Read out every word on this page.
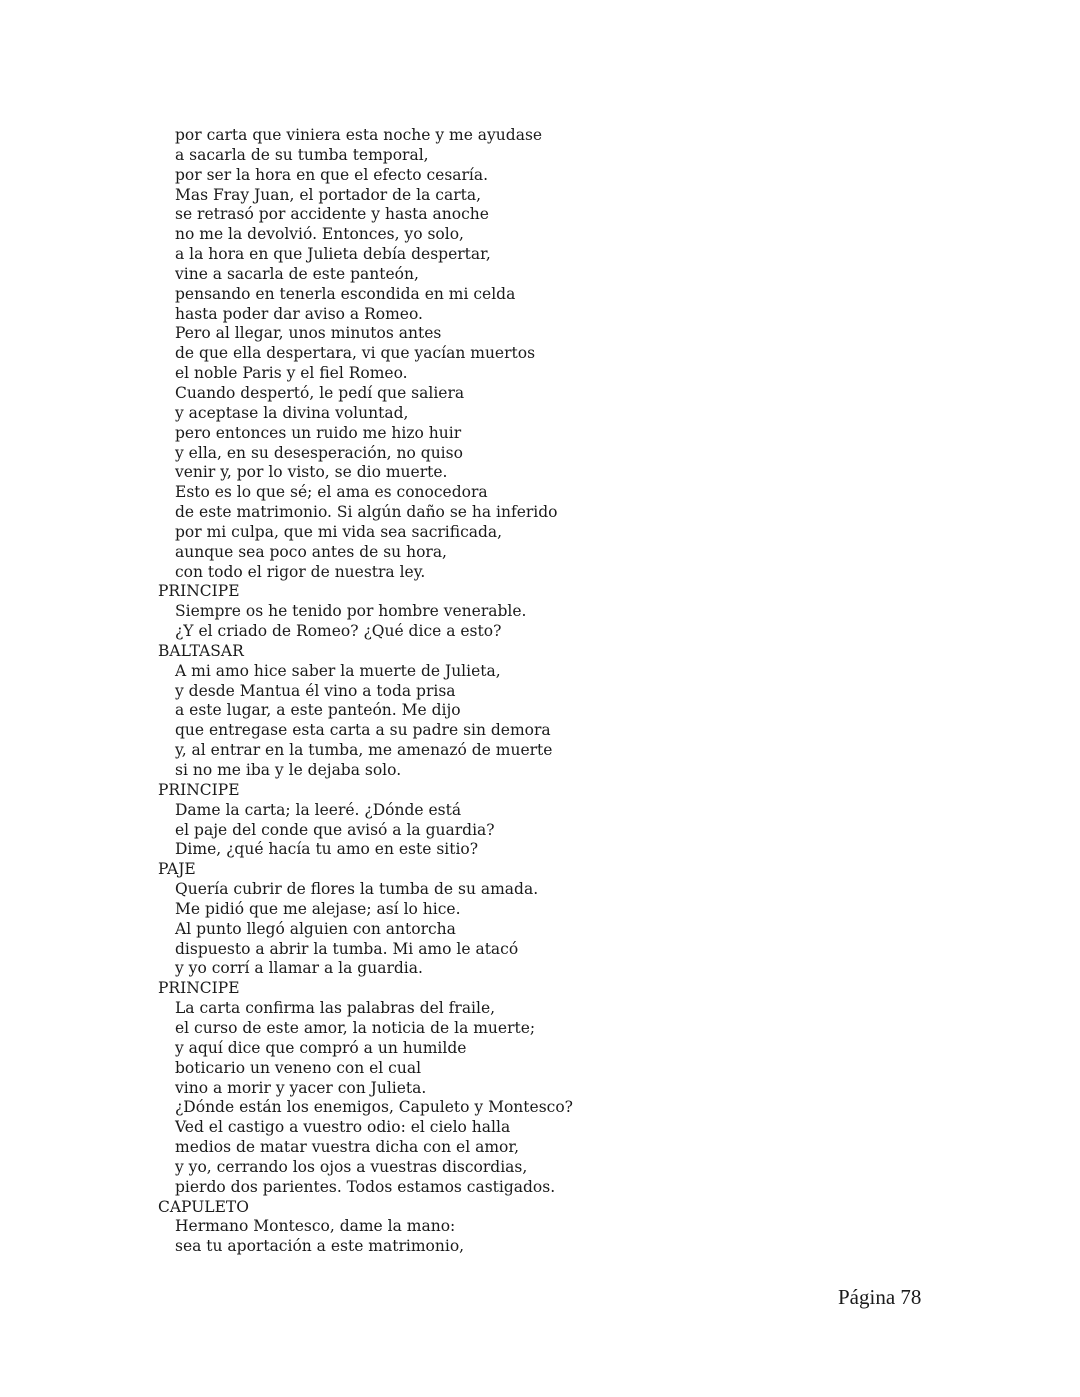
por carta que viniera esta noche y me ayudase
a sacarla de su tumba temporal,
por ser la hora en que el efecto cesaría.
Mas Fray Juan, el portador de la carta,
se retrasó por accidente y hasta anoche
no me la devolvió. Entonces, yo solo,
a la hora en que Julieta debía despertar,
vine a sacarla de este panteón,
pensando en tenerla escondida en mi celda
hasta poder dar aviso a Romeo.
Pero al llegar, unos minutos antes
de que ella despertara, vi que yacían muertos
el noble Paris y el fiel Romeo.
Cuando despertó, le pedí que saliera
y aceptase la divina voluntad,
pero entonces un ruido me hizo huir
y ella, en su desesperación, no quiso
venir y, por lo visto, se dio muerte.
Esto es lo que sé; el ama es conocedora
de este matrimonio. Si algún daño se ha inferido
por mi culpa, que mi vida sea sacrificada,
aunque sea poco antes de su hora,
con todo el rigor de nuestra ley.
PRINCIPE
Siempre os he tenido por hombre venerable.
¿Y el criado de Romeo? ¿Qué dice a esto?
BALTASAR
A mi amo hice saber la muerte de Julieta,
y desde Mantua él vino a toda prisa
a este lugar, a este panteón. Me dijo
que entregase esta carta a su padre sin demora
y, al entrar en la tumba, me amenazó de muerte
si no me iba y le dejaba solo.
PRINCIPE
Dame la carta; la leeré. ¿Dónde está
el paje del conde que avisó a la guardia?
Dime, ¿qué hacía tu amo en este sitio?
PAJE
Quería cubrir de flores la tumba de su amada.
Me pidió que me alejase; así lo hice.
Al punto llegó alguien con antorcha
dispuesto a abrir la tumba. Mi amo le atacó
y yo corrí a llamar a la guardia.
PRINCIPE
La carta confirma las palabras del fraile,
el curso de este amor, la noticia de la muerte;
y aquí dice que compró a un humilde
boticario un veneno con el cual
vino a morir y yacer con Julieta.
¿Dónde están los enemigos, Capuleto y Montesco?
Ved el castigo a vuestro odio: el cielo halla
medios de matar vuestra dicha con el amor,
y yo, cerrando los ojos a vuestras discordias,
pierdo dos parientes. Todos estamos castigados.
CAPULETO
Hermano Montesco, dame la mano:
sea tu aportación a este matrimonio,
Página 78
